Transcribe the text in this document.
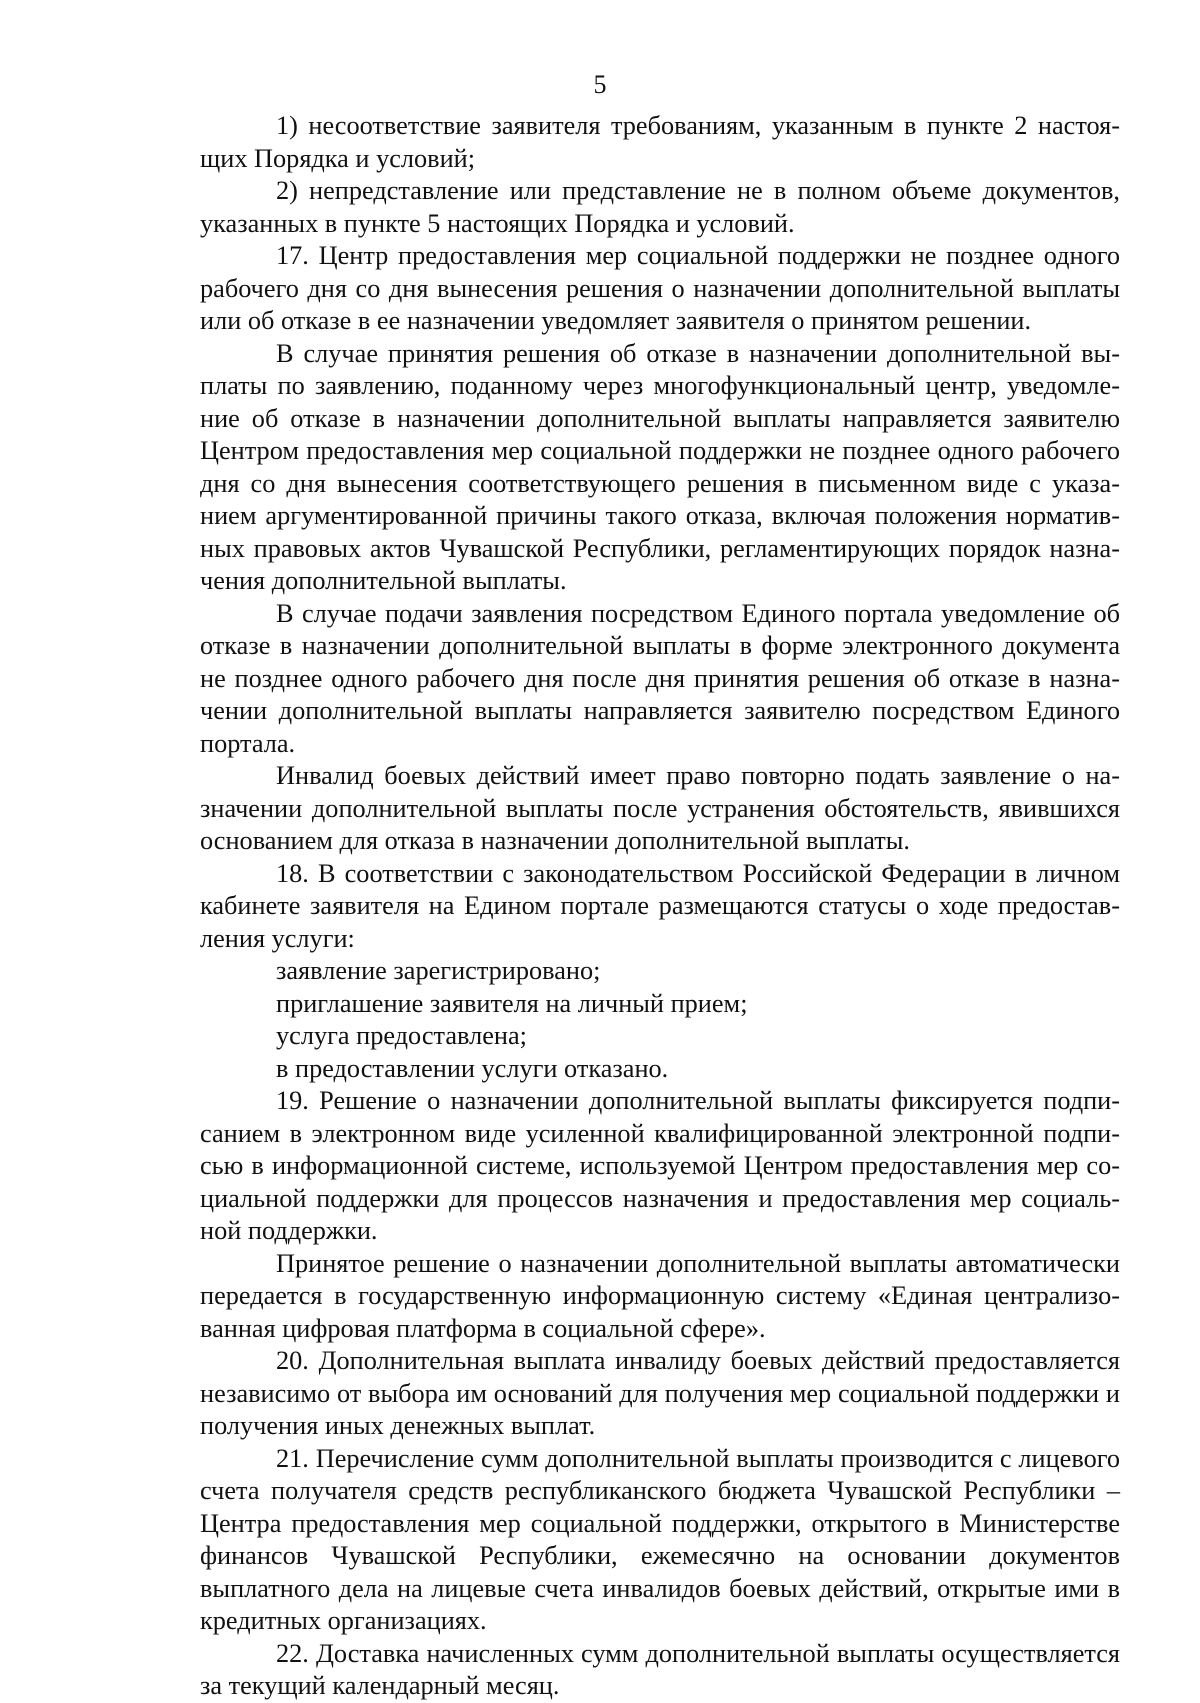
5

1) несоответствие заявителя требованиям, указанным в пункте 2 настоящих Порядка и условий;

2) непредставление или представление не в полном объеме документов, указанных в пункте 5 настоящих Порядка и условий.

17. Центр предоставления мер социальной поддержки не позднее одного рабочего дня со дня вынесения решения о назначении дополнительной выплаты или об отказе в ее назначении уведомляет заявителя о принятом решении.

В случае принятия решения об отказе в назначении дополнительной выплаты по заявлению, поданному через многофункциональный центр, уведомление об отказе в назначении дополнительной выплаты направляется заявителю Центром предоставления мер социальной поддержки не позднее одного рабочего дня со дня вынесения соответствующего решения в письменном виде с указанием аргументированной причины такого отказа, включая положения нормативных правовых актов Чувашской Республики, регламентирующих порядок назначения дополнительной выплаты.

В случае подачи заявления посредством Единого портала уведомление об отказе в назначении дополнительной выплаты в форме электронного документа не позднее одного рабочего дня после дня принятия решения об отказе в назначении дополнительной выплаты направляется заявителю посредством Единого портала.

Инвалид боевых действий имеет право повторно подать заявление о назначении дополнительной выплаты после устранения обстоятельств, явившихся основанием для отказа в назначении дополнительной выплаты.

18. В соответствии с законодательством Российской Федерации в личном кабинете заявителя на Едином портале размещаются статусы о ходе предоставления услуги:

заявление зарегистрировано;

приглашение заявителя на личный прием;

услуга предоставлена;

в предоставлении услуги отказано.

19. Решение о назначении дополнительной выплаты фиксируется подписанием в электронном виде усиленной квалифицированной электронной подписью в информационной системе, используемой Центром предоставления мер социальной поддержки для процессов назначения и предоставления мер социальной поддержки.

Принятое решение о назначении дополнительной выплаты автоматически передается в государственную информационную систему «Единая централизованная цифровая платформа в социальной сфере».

20. Дополнительная выплата инвалиду боевых действий предоставляется независимо от выбора им оснований для получения мер социальной поддержки и получения иных денежных выплат.

21. Перечисление сумм дополнительной выплаты производится с лицевого счета получателя средств республиканского бюджета Чувашской Республики – Центра предоставления мер социальной поддержки, открытого в Министерстве финансов Чувашской Республики, ежемесячно на основании документов выплатного дела на лицевые счета инвалидов боевых действий, открытые ими в кредитных организациях.

22. Доставка начисленных сумм дополнительной выплаты осуществляется за текущий календарный месяц.
